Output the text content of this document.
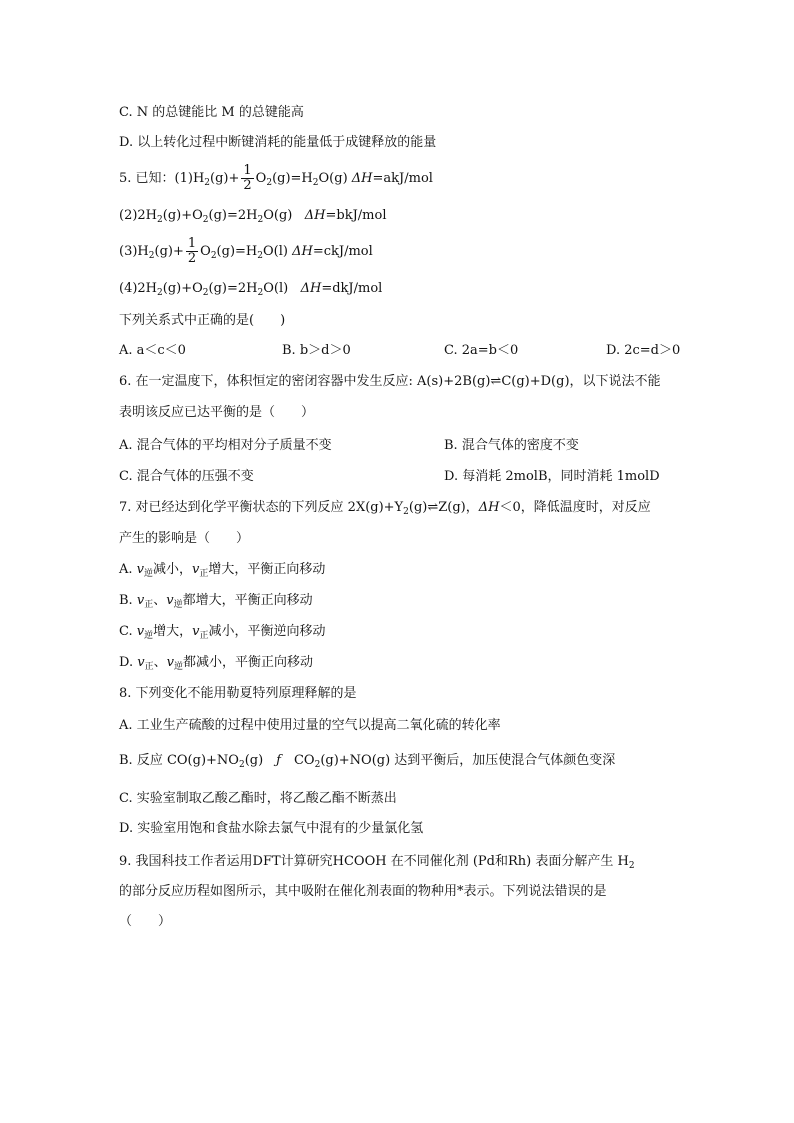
C. N 的总键能比 M 的总键能高
D. 以上转化过程中断键消耗的能量低于成键释放的能量
5. 已知：$(1)H_2(g)+ \frac{1}{2} O_2(g)=H_2O(g)$ ΔH=akJ/mol
$(2)2H_2(g)+O_2(g)=2H_2O(g)$ ΔH=bkJ/mol
$(3)H_2(g)+ \frac{1}{2} O_2(g)=H_2O(l)$ ΔH=ckJ/mol
$(4)2H_2(g)+O_2(g)=2H_2O(l)$ ΔH=dkJ/mol
下列关系式中正确的是(　　)
A. a＜c＜0	B. b＞d＞0	C. 2a=b＜0	D. 2c=d＞0
6. 在一定温度下，体积恒定的密闭容器中发生反应: A(s)+2B(g)⇌C(g)+D(g)，以下说法不能
表明该反应已达平衡的是（　　）
A. 混合气体的平均相对分子质量不变	B. 混合气体的密度不变
C. 混合气体的压强不变	D. 每消耗 2molB，同时消耗 1molD
7. 对已经达到化学平衡状态的下列反应 $2X(g)+Y_2(g)\rightleftharpoons Z(g)$，ΔH＜0，降低温度时，对反应
产生的影响是（　　）
A. $v_逆$减小，$v_正$增大，平衡正向移动
B. $v_正$、$v_逆$都增大，平衡正向移动
C. $v_逆$增大，$v_正$减小，平衡逆向移动
D. $v_正$、$v_逆$都减小，平衡正向移动
8. 下列变化不能用勒夏特列原理释解的是
A. 工业生产硫酸的过程中使用过量的空气以提高二氧化硫的转化率
B. 反应 $CO(g)+NO_2(g)$　ƒ　$CO_2(g)+NO(g)$ 达到平衡后，加压使混合气体颜色变深
C. 实验室制取乙酸乙酯时，将乙酸乙酯不断蒸出
D. 实验室用饱和食盐水除去氯气中混有的少量氯化氢
9. 我国科技工作者运用DFT计算研究HCOOH 在不同催化剂 (Pd和Rh) 表面分解产生 $H_2$
的部分反应历程如图所示，其中吸附在催化剂表面的物种用*表示。下列说法错误的是
（　　）
